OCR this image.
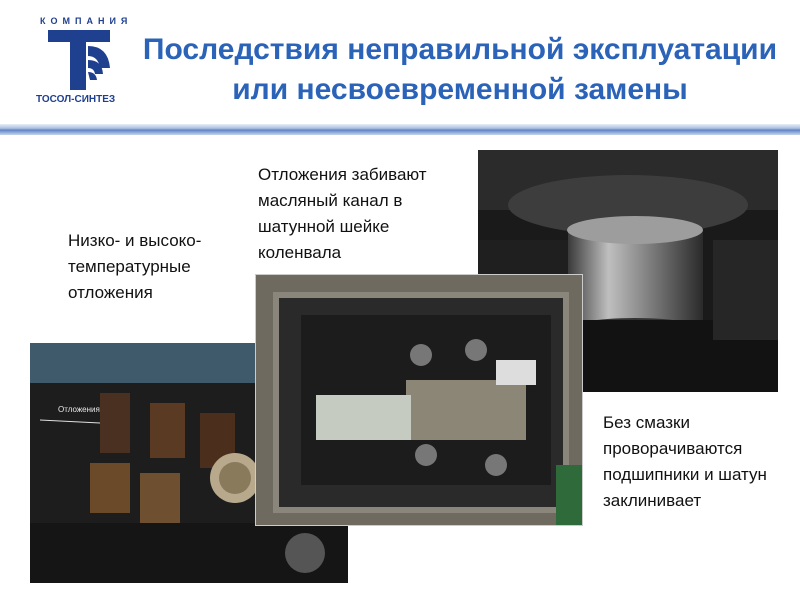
КОМПАНИЯ
ТОСОЛ-СИНТЕЗ
Последствия неправильной эксплуатации
или несвоевременной замены
Низко- и высоко-температурные отложения
Отложения забивают масляный канал в шатунной шейке коленвала
Без смазки проворачиваются подшипники и шатун заклинивает
Отложения
